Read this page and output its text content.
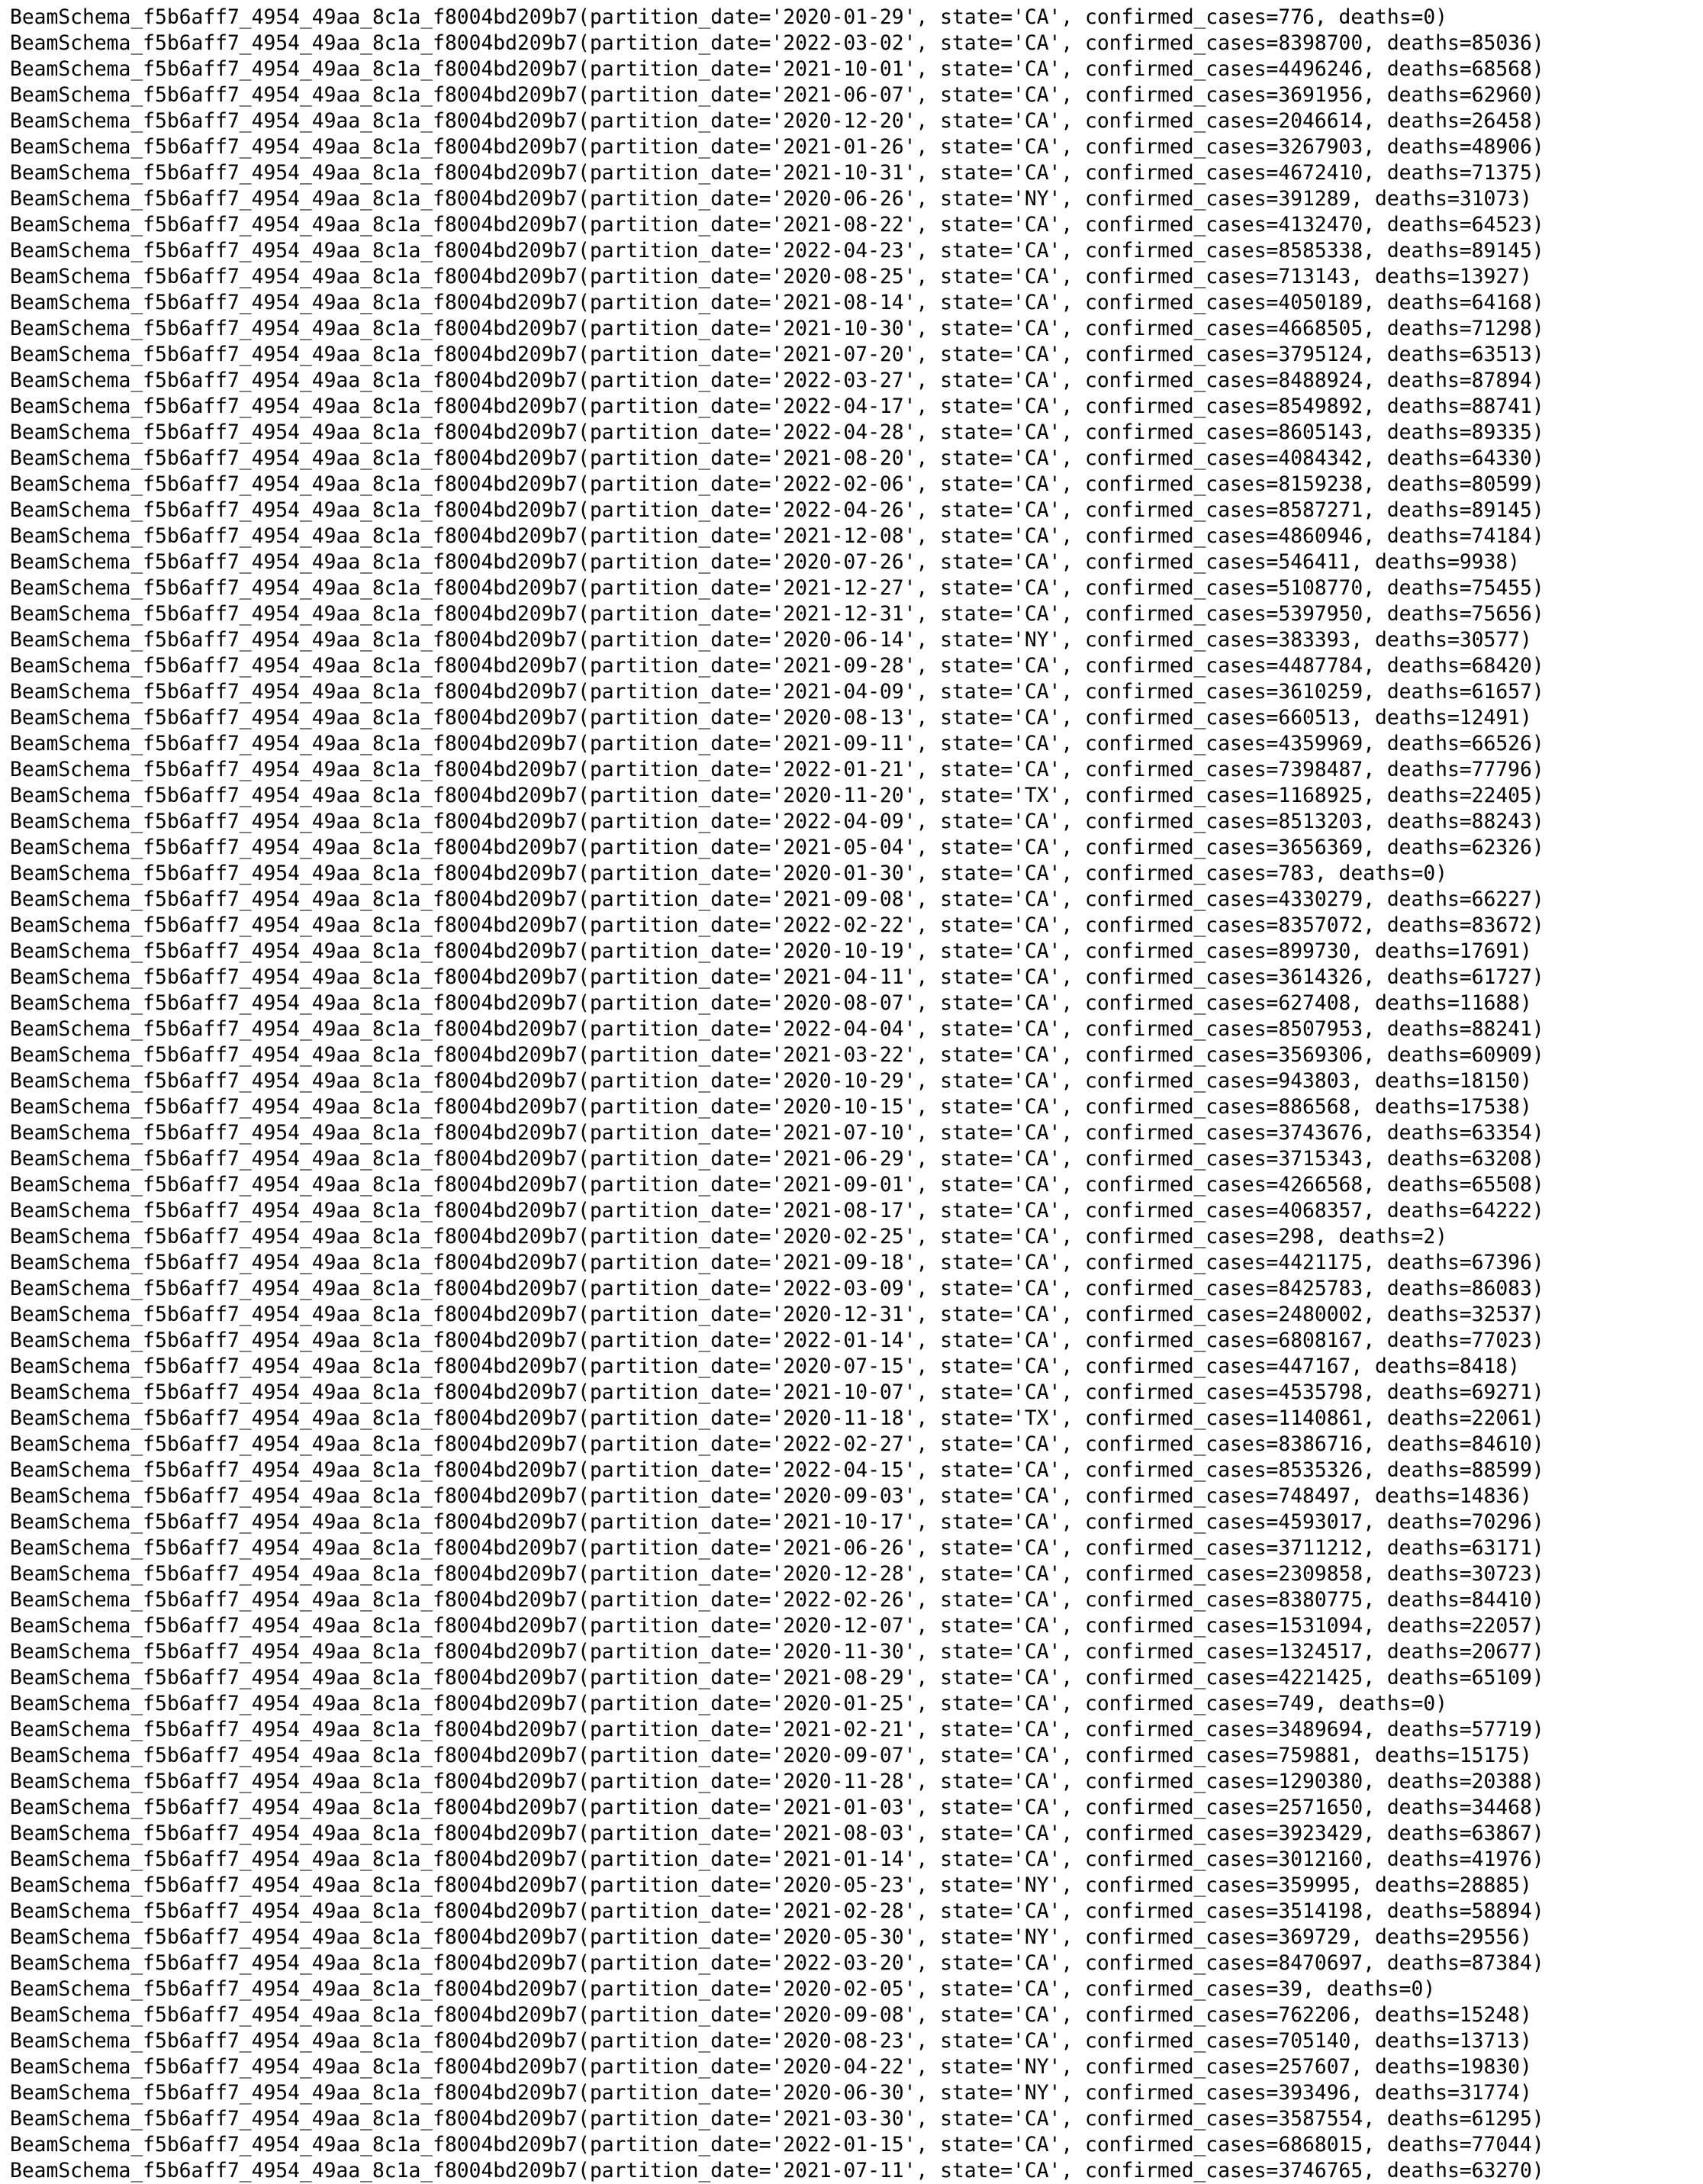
BeamSchema_f5b6aff7_4954_49aa_8c1a_f8004bd209b7(partition_date='2020-01-29', state='CA', confirmed_cases=776, deaths=0)
BeamSchema_f5b6aff7_4954_49aa_8c1a_f8004bd209b7(partition_date='2022-03-02', state='CA', confirmed_cases=8398700, deaths=85036)
BeamSchema_f5b6aff7_4954_49aa_8c1a_f8004bd209b7(partition_date='2021-10-01', state='CA', confirmed_cases=4496246, deaths=68568)
BeamSchema_f5b6aff7_4954_49aa_8c1a_f8004bd209b7(partition_date='2021-06-07', state='CA', confirmed_cases=3691956, deaths=62960)
BeamSchema_f5b6aff7_4954_49aa_8c1a_f8004bd209b7(partition_date='2020-12-20', state='CA', confirmed_cases=2046614, deaths=26458)
BeamSchema_f5b6aff7_4954_49aa_8c1a_f8004bd209b7(partition_date='2021-01-26', state='CA', confirmed_cases=3267903, deaths=48906)
BeamSchema_f5b6aff7_4954_49aa_8c1a_f8004bd209b7(partition_date='2021-10-31', state='CA', confirmed_cases=4672410, deaths=71375)
BeamSchema_f5b6aff7_4954_49aa_8c1a_f8004bd209b7(partition_date='2020-06-26', state='NY', confirmed_cases=391289, deaths=31073)
BeamSchema_f5b6aff7_4954_49aa_8c1a_f8004bd209b7(partition_date='2021-08-22', state='CA', confirmed_cases=4132470, deaths=64523)
BeamSchema_f5b6aff7_4954_49aa_8c1a_f8004bd209b7(partition_date='2022-04-23', state='CA', confirmed_cases=8585338, deaths=89145)
BeamSchema_f5b6aff7_4954_49aa_8c1a_f8004bd209b7(partition_date='2020-08-25', state='CA', confirmed_cases=713143, deaths=13927)
BeamSchema_f5b6aff7_4954_49aa_8c1a_f8004bd209b7(partition_date='2021-08-14', state='CA', confirmed_cases=4050189, deaths=64168)
BeamSchema_f5b6aff7_4954_49aa_8c1a_f8004bd209b7(partition_date='2021-10-30', state='CA', confirmed_cases=4668505, deaths=71298)
BeamSchema_f5b6aff7_4954_49aa_8c1a_f8004bd209b7(partition_date='2021-07-20', state='CA', confirmed_cases=3795124, deaths=63513)
BeamSchema_f5b6aff7_4954_49aa_8c1a_f8004bd209b7(partition_date='2022-03-27', state='CA', confirmed_cases=8488924, deaths=87894)
BeamSchema_f5b6aff7_4954_49aa_8c1a_f8004bd209b7(partition_date='2022-04-17', state='CA', confirmed_cases=8549892, deaths=88741)
BeamSchema_f5b6aff7_4954_49aa_8c1a_f8004bd209b7(partition_date='2022-04-28', state='CA', confirmed_cases=8605143, deaths=89335)
BeamSchema_f5b6aff7_4954_49aa_8c1a_f8004bd209b7(partition_date='2021-08-20', state='CA', confirmed_cases=4084342, deaths=64330)
BeamSchema_f5b6aff7_4954_49aa_8c1a_f8004bd209b7(partition_date='2022-02-06', state='CA', confirmed_cases=8159238, deaths=80599)
BeamSchema_f5b6aff7_4954_49aa_8c1a_f8004bd209b7(partition_date='2022-04-26', state='CA', confirmed_cases=8587271, deaths=89145)
BeamSchema_f5b6aff7_4954_49aa_8c1a_f8004bd209b7(partition_date='2021-12-08', state='CA', confirmed_cases=4860946, deaths=74184)
BeamSchema_f5b6aff7_4954_49aa_8c1a_f8004bd209b7(partition_date='2020-07-26', state='CA', confirmed_cases=546411, deaths=9938)
BeamSchema_f5b6aff7_4954_49aa_8c1a_f8004bd209b7(partition_date='2021-12-27', state='CA', confirmed_cases=5108770, deaths=75455)
BeamSchema_f5b6aff7_4954_49aa_8c1a_f8004bd209b7(partition_date='2021-12-31', state='CA', confirmed_cases=5397950, deaths=75656)
BeamSchema_f5b6aff7_4954_49aa_8c1a_f8004bd209b7(partition_date='2020-06-14', state='NY', confirmed_cases=383393, deaths=30577)
BeamSchema_f5b6aff7_4954_49aa_8c1a_f8004bd209b7(partition_date='2021-09-28', state='CA', confirmed_cases=4487784, deaths=68420)
BeamSchema_f5b6aff7_4954_49aa_8c1a_f8004bd209b7(partition_date='2021-04-09', state='CA', confirmed_cases=3610259, deaths=61657)
BeamSchema_f5b6aff7_4954_49aa_8c1a_f8004bd209b7(partition_date='2020-08-13', state='CA', confirmed_cases=660513, deaths=12491)
BeamSchema_f5b6aff7_4954_49aa_8c1a_f8004bd209b7(partition_date='2021-09-11', state='CA', confirmed_cases=4359969, deaths=66526)
BeamSchema_f5b6aff7_4954_49aa_8c1a_f8004bd209b7(partition_date='2022-01-21', state='CA', confirmed_cases=7398487, deaths=77796)
BeamSchema_f5b6aff7_4954_49aa_8c1a_f8004bd209b7(partition_date='2020-11-20', state='TX', confirmed_cases=1168925, deaths=22405)
BeamSchema_f5b6aff7_4954_49aa_8c1a_f8004bd209b7(partition_date='2022-04-09', state='CA', confirmed_cases=8513203, deaths=88243)
BeamSchema_f5b6aff7_4954_49aa_8c1a_f8004bd209b7(partition_date='2021-05-04', state='CA', confirmed_cases=3656369, deaths=62326)
BeamSchema_f5b6aff7_4954_49aa_8c1a_f8004bd209b7(partition_date='2020-01-30', state='CA', confirmed_cases=783, deaths=0)
BeamSchema_f5b6aff7_4954_49aa_8c1a_f8004bd209b7(partition_date='2021-09-08', state='CA', confirmed_cases=4330279, deaths=66227)
BeamSchema_f5b6aff7_4954_49aa_8c1a_f8004bd209b7(partition_date='2022-02-22', state='CA', confirmed_cases=8357072, deaths=83672)
BeamSchema_f5b6aff7_4954_49aa_8c1a_f8004bd209b7(partition_date='2020-10-19', state='CA', confirmed_cases=899730, deaths=17691)
BeamSchema_f5b6aff7_4954_49aa_8c1a_f8004bd209b7(partition_date='2021-04-11', state='CA', confirmed_cases=3614326, deaths=61727)
BeamSchema_f5b6aff7_4954_49aa_8c1a_f8004bd209b7(partition_date='2020-08-07', state='CA', confirmed_cases=627408, deaths=11688)
BeamSchema_f5b6aff7_4954_49aa_8c1a_f8004bd209b7(partition_date='2022-04-04', state='CA', confirmed_cases=8507953, deaths=88241)
BeamSchema_f5b6aff7_4954_49aa_8c1a_f8004bd209b7(partition_date='2021-03-22', state='CA', confirmed_cases=3569306, deaths=60909)
BeamSchema_f5b6aff7_4954_49aa_8c1a_f8004bd209b7(partition_date='2020-10-29', state='CA', confirmed_cases=943803, deaths=18150)
BeamSchema_f5b6aff7_4954_49aa_8c1a_f8004bd209b7(partition_date='2020-10-15', state='CA', confirmed_cases=886568, deaths=17538)
BeamSchema_f5b6aff7_4954_49aa_8c1a_f8004bd209b7(partition_date='2021-07-10', state='CA', confirmed_cases=3743676, deaths=63354)
BeamSchema_f5b6aff7_4954_49aa_8c1a_f8004bd209b7(partition_date='2021-06-29', state='CA', confirmed_cases=3715343, deaths=63208)
BeamSchema_f5b6aff7_4954_49aa_8c1a_f8004bd209b7(partition_date='2021-09-01', state='CA', confirmed_cases=4266568, deaths=65508)
BeamSchema_f5b6aff7_4954_49aa_8c1a_f8004bd209b7(partition_date='2021-08-17', state='CA', confirmed_cases=4068357, deaths=64222)
BeamSchema_f5b6aff7_4954_49aa_8c1a_f8004bd209b7(partition_date='2020-02-25', state='CA', confirmed_cases=298, deaths=2)
BeamSchema_f5b6aff7_4954_49aa_8c1a_f8004bd209b7(partition_date='2021-09-18', state='CA', confirmed_cases=4421175, deaths=67396)
BeamSchema_f5b6aff7_4954_49aa_8c1a_f8004bd209b7(partition_date='2022-03-09', state='CA', confirmed_cases=8425783, deaths=86083)
BeamSchema_f5b6aff7_4954_49aa_8c1a_f8004bd209b7(partition_date='2020-12-31', state='CA', confirmed_cases=2480002, deaths=32537)
BeamSchema_f5b6aff7_4954_49aa_8c1a_f8004bd209b7(partition_date='2022-01-14', state='CA', confirmed_cases=6808167, deaths=77023)
BeamSchema_f5b6aff7_4954_49aa_8c1a_f8004bd209b7(partition_date='2020-07-15', state='CA', confirmed_cases=447167, deaths=8418)
BeamSchema_f5b6aff7_4954_49aa_8c1a_f8004bd209b7(partition_date='2021-10-07', state='CA', confirmed_cases=4535798, deaths=69271)
BeamSchema_f5b6aff7_4954_49aa_8c1a_f8004bd209b7(partition_date='2020-11-18', state='TX', confirmed_cases=1140861, deaths=22061)
BeamSchema_f5b6aff7_4954_49aa_8c1a_f8004bd209b7(partition_date='2022-02-27', state='CA', confirmed_cases=8386716, deaths=84610)
BeamSchema_f5b6aff7_4954_49aa_8c1a_f8004bd209b7(partition_date='2022-04-15', state='CA', confirmed_cases=8535326, deaths=88599)
BeamSchema_f5b6aff7_4954_49aa_8c1a_f8004bd209b7(partition_date='2020-09-03', state='CA', confirmed_cases=748497, deaths=14836)
BeamSchema_f5b6aff7_4954_49aa_8c1a_f8004bd209b7(partition_date='2021-10-17', state='CA', confirmed_cases=4593017, deaths=70296)
BeamSchema_f5b6aff7_4954_49aa_8c1a_f8004bd209b7(partition_date='2021-06-26', state='CA', confirmed_cases=3711212, deaths=63171)
BeamSchema_f5b6aff7_4954_49aa_8c1a_f8004bd209b7(partition_date='2020-12-28', state='CA', confirmed_cases=2309858, deaths=30723)
BeamSchema_f5b6aff7_4954_49aa_8c1a_f8004bd209b7(partition_date='2022-02-26', state='CA', confirmed_cases=8380775, deaths=84410)
BeamSchema_f5b6aff7_4954_49aa_8c1a_f8004bd209b7(partition_date='2020-12-07', state='CA', confirmed_cases=1531094, deaths=22057)
BeamSchema_f5b6aff7_4954_49aa_8c1a_f8004bd209b7(partition_date='2020-11-30', state='CA', confirmed_cases=1324517, deaths=20677)
BeamSchema_f5b6aff7_4954_49aa_8c1a_f8004bd209b7(partition_date='2021-08-29', state='CA', confirmed_cases=4221425, deaths=65109)
BeamSchema_f5b6aff7_4954_49aa_8c1a_f8004bd209b7(partition_date='2020-01-25', state='CA', confirmed_cases=749, deaths=0)
BeamSchema_f5b6aff7_4954_49aa_8c1a_f8004bd209b7(partition_date='2021-02-21', state='CA', confirmed_cases=3489694, deaths=57719)
BeamSchema_f5b6aff7_4954_49aa_8c1a_f8004bd209b7(partition_date='2020-09-07', state='CA', confirmed_cases=759881, deaths=15175)
BeamSchema_f5b6aff7_4954_49aa_8c1a_f8004bd209b7(partition_date='2020-11-28', state='CA', confirmed_cases=1290380, deaths=20388)
BeamSchema_f5b6aff7_4954_49aa_8c1a_f8004bd209b7(partition_date='2021-01-03', state='CA', confirmed_cases=2571650, deaths=34468)
BeamSchema_f5b6aff7_4954_49aa_8c1a_f8004bd209b7(partition_date='2021-08-03', state='CA', confirmed_cases=3923429, deaths=63867)
BeamSchema_f5b6aff7_4954_49aa_8c1a_f8004bd209b7(partition_date='2021-01-14', state='CA', confirmed_cases=3012160, deaths=41976)
BeamSchema_f5b6aff7_4954_49aa_8c1a_f8004bd209b7(partition_date='2020-05-23', state='NY', confirmed_cases=359995, deaths=28885)
BeamSchema_f5b6aff7_4954_49aa_8c1a_f8004bd209b7(partition_date='2021-02-28', state='CA', confirmed_cases=3514198, deaths=58894)
BeamSchema_f5b6aff7_4954_49aa_8c1a_f8004bd209b7(partition_date='2020-05-30', state='NY', confirmed_cases=369729, deaths=29556)
BeamSchema_f5b6aff7_4954_49aa_8c1a_f8004bd209b7(partition_date='2022-03-20', state='CA', confirmed_cases=8470697, deaths=87384)
BeamSchema_f5b6aff7_4954_49aa_8c1a_f8004bd209b7(partition_date='2020-02-05', state='CA', confirmed_cases=39, deaths=0)
BeamSchema_f5b6aff7_4954_49aa_8c1a_f8004bd209b7(partition_date='2020-09-08', state='CA', confirmed_cases=762206, deaths=15248)
BeamSchema_f5b6aff7_4954_49aa_8c1a_f8004bd209b7(partition_date='2020-08-23', state='CA', confirmed_cases=705140, deaths=13713)
BeamSchema_f5b6aff7_4954_49aa_8c1a_f8004bd209b7(partition_date='2020-04-22', state='NY', confirmed_cases=257607, deaths=19830)
BeamSchema_f5b6aff7_4954_49aa_8c1a_f8004bd209b7(partition_date='2020-06-30', state='NY', confirmed_cases=393496, deaths=31774)
BeamSchema_f5b6aff7_4954_49aa_8c1a_f8004bd209b7(partition_date='2021-03-30', state='CA', confirmed_cases=3587554, deaths=61295)
BeamSchema_f5b6aff7_4954_49aa_8c1a_f8004bd209b7(partition_date='2022-01-15', state='CA', confirmed_cases=6868015, deaths=77044)
BeamSchema_f5b6aff7_4954_49aa_8c1a_f8004bd209b7(partition_date='2021-07-11', state='CA', confirmed_cases=3746765, deaths=63270)
